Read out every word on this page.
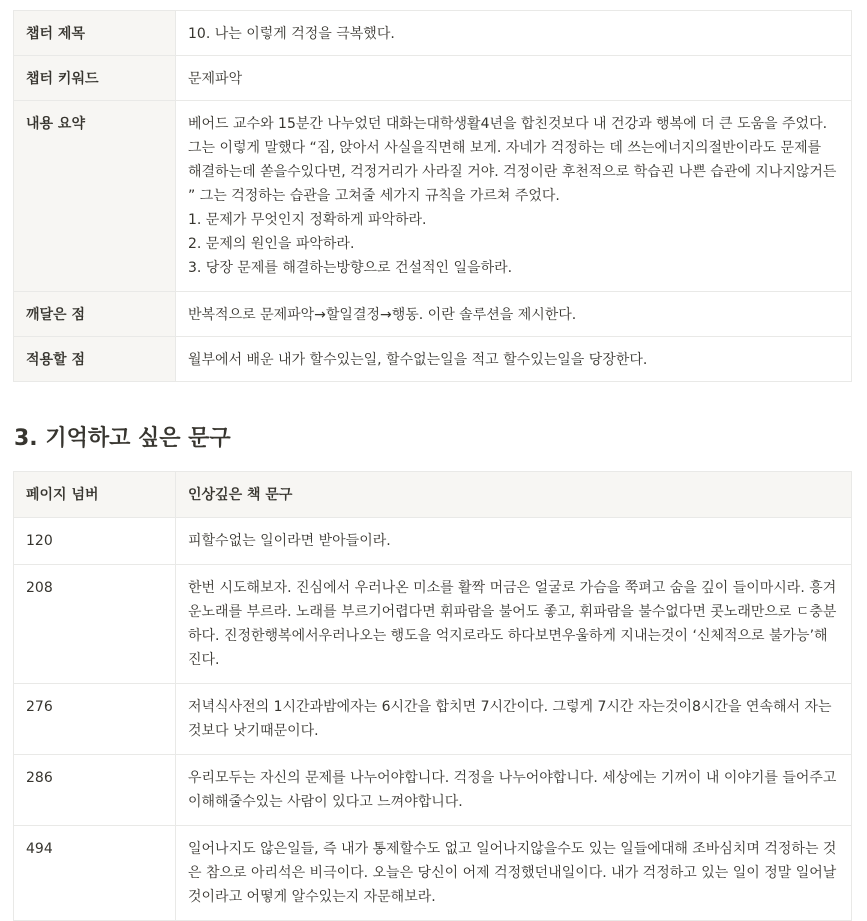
챕터 제목	10. 나는 이렇게 걱정을 극복했다.
챕터 키워드	문제파악
내용 요약	베어드 교수와 15분간 나누었던 대화는대학생활4년을 합친것보다 내 건강과 행복에 더 큰 도움을 주었다. 그는 이렇게 말했다 “짐, 앉아서 사실을직면해 보게. 자네가 걱정하는 데 쓰는에너지의절반이라도 문제를 해결하는데 쏟을수있다면, 걱정거리가 사라질 거야. 걱정이란 후천적으로 학습괸 나쁜 습관에 지나지않거든 ” 그는 걱정하는 습관을 고쳐줄 세가지 규칙을 가르쳐 주었다.
1. 문제가 무엇인지 정확하게 파악하라.
2. 문제의 원인을 파악하라.
3. 당장 문제를 해결하는방향으로 건설적인 일을하라.
깨달은 점	반복적으로 문제파악→할일결정→행동. 이란 솔루션을 제시한다.
적용할 점	월부에서 배운 내가 할수있는일, 할수없는일을 적고 할수있는일을 당장한다.
3. 기억하고 싶은 문구
페이지 넘버	인상깊은 책 문구
120	피할수없는 일이라면 받아들이라.
208	한번 시도해보자. 진심에서 우러나온 미소를 활짝 머금은 얼굴로 가슴을 쭉펴고 숨을 깊이 들이마시라. 흥겨운노래를 부르라. 노래를 부르기어렵다면 휘파람을 불어도 좋고, 휘파람을 불수없다면 콧노래만으로 ㄷ충분하다. 진정한행복에서우러나오는 행도을 억지로라도 하다보면우울하게 지내는것이 ‘신체적으로 불가능’해진다.
276	저녁식사전의 1시간과밤에자는 6시간을 합치면 7시간이다. 그렇게 7시간 자는것이8시간을 연속해서 자는것보다 낫기때문이다.
286	우리모두는 자신의 문제를 나누어야합니다. 걱정을 나누어야합니다. 세상에는 기꺼이 내 이야기를 들어주고 이해해줄수있는 사람이 있다고 느껴야합니다.
494	일어나지도 않은일들, 즉 내가 통제할수도 없고 일어나지않을수도 있는 일들에대해 조바심치며 걱정하는 것은 참으로 아리석은 비극이다. 오늘은 당신이 어제 걱정했던내일이다. 내가 걱정하고 있는 일이 정말 일어날것이라고 어떻게 알수있는지 자문해보라.
